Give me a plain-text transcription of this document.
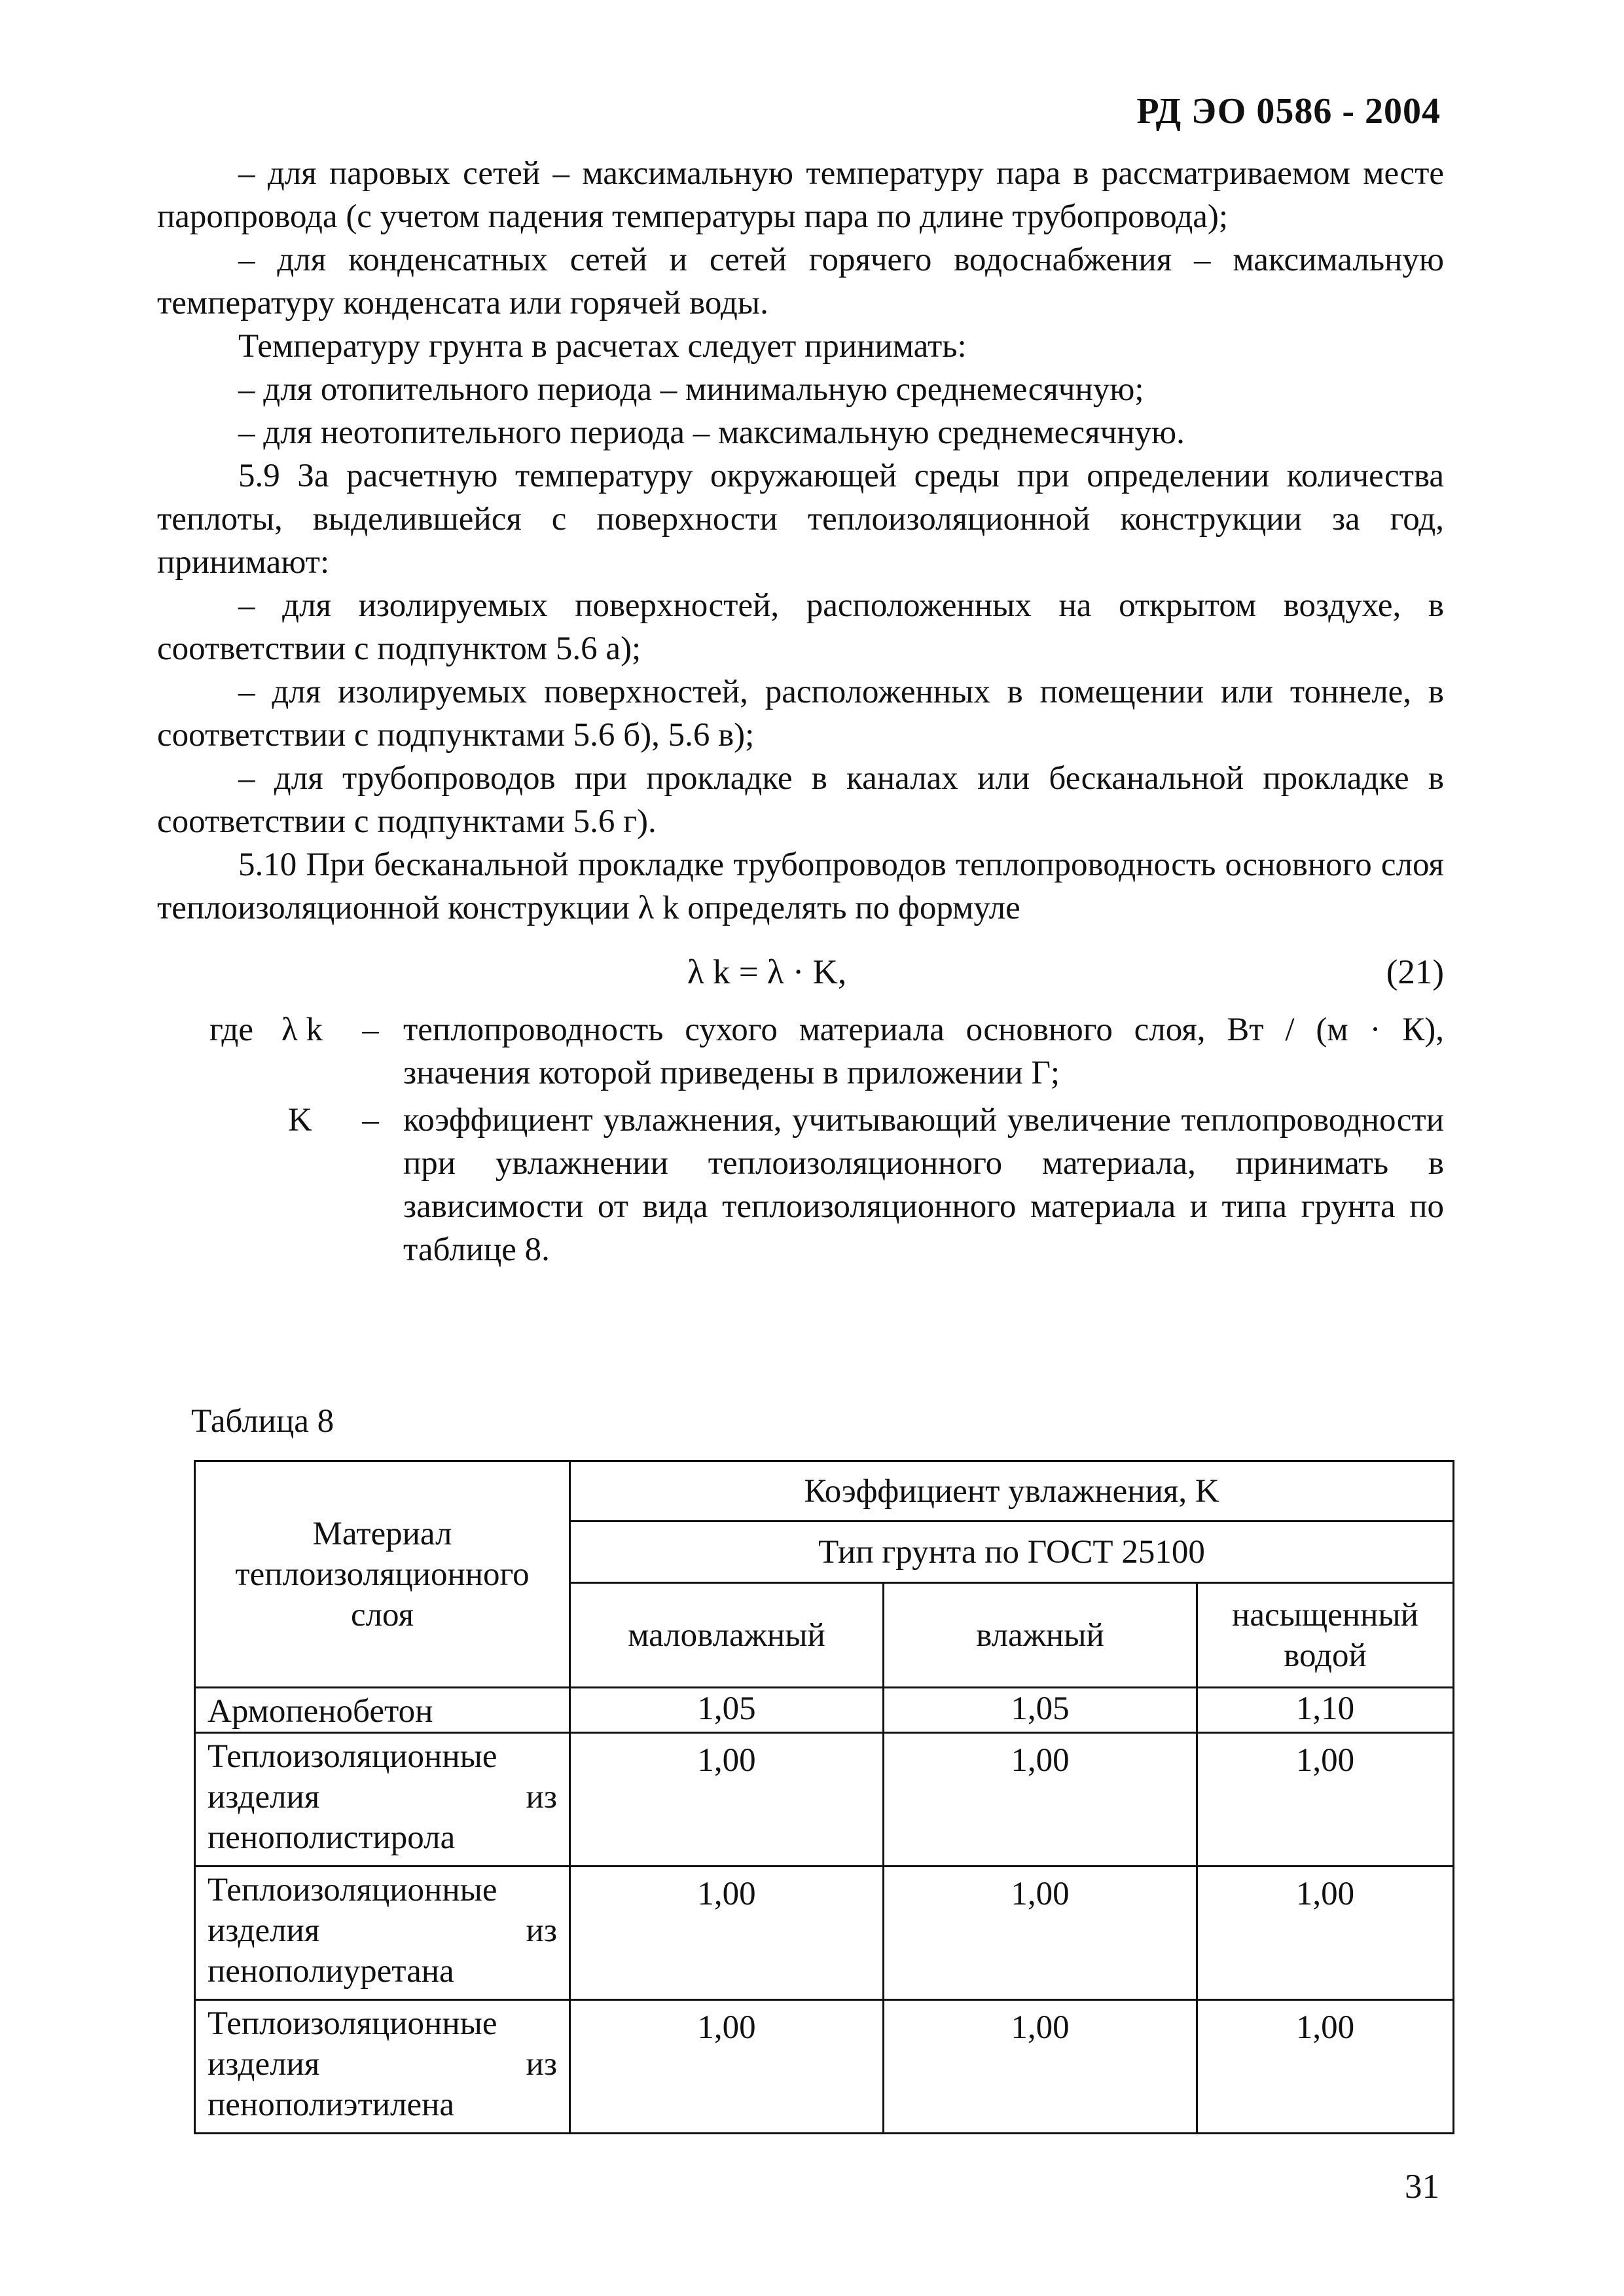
РД ЭО 0586 - 2004

– для паровых сетей – максимальную температуру пара в рассматриваемом месте паропровода (с учетом падения температуры пара по длине трубопровода);

– для конденсатных сетей и сетей горячего водоснабжения – максимальную температуру конденсата или горячей воды.

Температуру грунта в расчетах следует принимать:

– для отопительного периода – минимальную среднемесячную;

– для неотопительного периода – максимальную среднемесячную.

5.9 За расчетную температуру окружающей среды при определении количества теплоты, выделившейся с поверхности теплоизоляционной конструкции за год, принимают:

– для изолируемых поверхностей, расположенных на открытом воздухе, в соответствии с подпунктом 5.6 а);

– для изолируемых поверхностей, расположенных в помещении или тоннеле, в соответствии с подпунктами 5.6 б), 5.6 в);

– для трубопроводов при прокладке в каналах или бесканальной прокладке в соответствии с подпунктами 5.6 г).

5.10 При бесканальной прокладке трубопроводов теплопроводность основного слоя теплоизоляционной конструкции λ k определять по формуле

λ k = λ · K,	(21)
где λ k	– теплопроводность сухого материала основного слоя, Вт / (м · К), значения которой приведены в приложении Г;
K	– коэффициент увлажнения, учитывающий увеличение теплопроводности при увлажнении теплоизоляционного материала, принимать в зависимости от вида теплоизоляционного материала и типа грунта по таблице 8.
Таблица 8
Материал теплоизоляционного слоя	Коэффициент увлажнения, K		
	Тип грунта по ГОСТ 25100		
	маловлажный	влажный	насыщенный водой
Армопенобетон	1,05	1,05	1,10
Теплоизоляционные изделия из пенополистирола	1,00	1,00	1,00
Теплоизоляционные изделия из пенополиуретана	1,00	1,00	1,00
Теплоизоляционные изделия из пенополиэтилена	1,00	1,00	1,00
31
